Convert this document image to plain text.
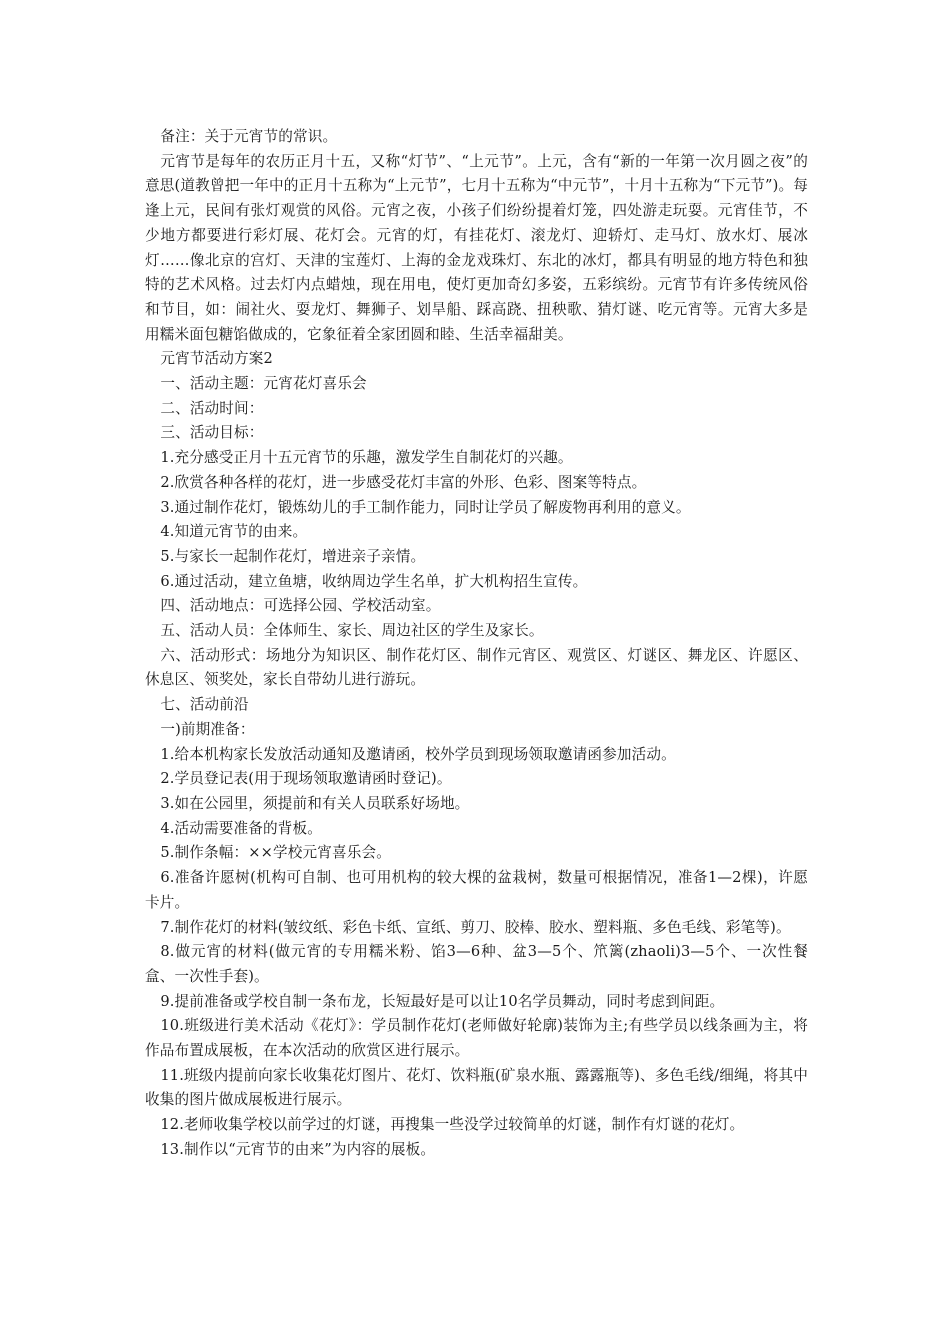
备注：关于元宵节的常识。

元宵节是每年的农历正月十五，又称“灯节”、“上元节”。上元，含有“新的一年第一次月圆之夜”的意思(道教曾把一年中的正月十五称为“上元节”，七月十五称为“中元节”，十月十五称为“下元节”)。每逢上元，民间有张灯观赏的风俗。元宵之夜，小孩子们纷纷提着灯笼，四处游走玩耍。元宵佳节，不少地方都要进行彩灯展、花灯会。元宵的灯，有挂花灯、滚龙灯、迎轿灯、走马灯、放水灯、展冰灯……像北京的宫灯、天津的宝莲灯、上海的金龙戏珠灯、东北的冰灯，都具有明显的地方特色和独特的艺术风格。过去灯内点蜡烛，现在用电，使灯更加奇幻多姿，五彩缤纷。元宵节有许多传统风俗和节目，如：闹社火、耍龙灯、舞狮子、划旱船、踩高跷、扭秧歌、猜灯谜、吃元宵等。元宵大多是用糯米面包糖馅做成的，它象征着全家团圆和睦、生活幸福甜美。

元宵节活动方案2

一、活动主题：元宵花灯喜乐会

二、活动时间：

三、活动目标：

1.充分感受正月十五元宵节的乐趣，激发学生自制花灯的兴趣。

2.欣赏各种各样的花灯，进一步感受花灯丰富的外形、色彩、图案等特点。

3.通过制作花灯，锻炼幼儿的手工制作能力，同时让学员了解废物再利用的意义。

4.知道元宵节的由来。

5.与家长一起制作花灯，增进亲子亲情。

6.通过活动，建立鱼塘，收纳周边学生名单，扩大机构招生宣传。

四、活动地点：可选择公园、学校活动室。

五、活动人员：全体师生、家长、周边社区的学生及家长。

六、活动形式：场地分为知识区、制作花灯区、制作元宵区、观赏区、灯谜区、舞龙区、许愿区、休息区、领奖处，家长自带幼儿进行游玩。

七、活动前沿

一)前期准备：

1.给本机构家长发放活动通知及邀请函，校外学员到现场领取邀请函参加活动。

2.学员登记表(用于现场领取邀请函时登记)。

3.如在公园里，须提前和有关人员联系好场地。

4.活动需要准备的背板。

5.制作条幅：××学校元宵喜乐会。

6.准备许愿树(机构可自制、也可用机构的较大棵的盆栽树，数量可根据情况，准备1—2棵)，许愿卡片。

7.制作花灯的材料(皱纹纸、彩色卡纸、宣纸、剪刀、胶棒、胶水、塑料瓶、多色毛线、彩笔等)。

8.做元宵的材料(做元宵的专用糯米粉、馅3—6种、盆3—5个、笊篱(zhaoli)3—5个、一次性餐盒、一次性手套)。

9.提前准备或学校自制一条布龙，长短最好是可以让10名学员舞动，同时考虑到间距。

10.班级进行美术活动《花灯》：学员制作花灯(老师做好轮廓)装饰为主;有些学员以线条画为主，将作品布置成展板，在本次活动的欣赏区进行展示。

11.班级内提前向家长收集花灯图片、花灯、饮料瓶(矿泉水瓶、露露瓶等)、多色毛线/细绳，将其中收集的图片做成展板进行展示。

12.老师收集学校以前学过的灯谜，再搜集一些没学过较简单的灯谜，制作有灯谜的花灯。

13.制作以“元宵节的由来”为内容的展板。
